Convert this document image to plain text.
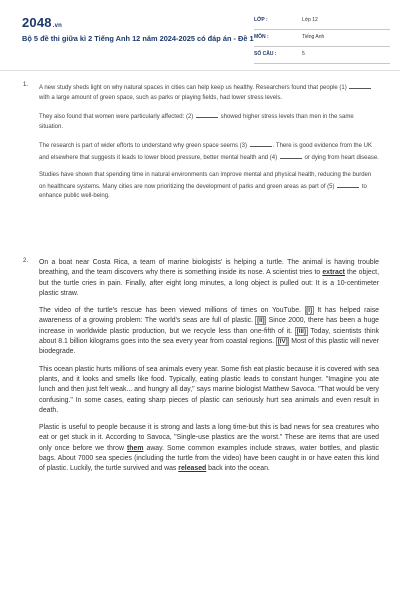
2048.vn
Bộ 5 đề thi giữa kì 2 Tiếng Anh 12 năm 2024-2025 có đáp án - Đề 1
LỚP :	Lớp 12
MÔN :	Tiếng Anh
SỐ CÂU :	5
1. A new study sheds light on why natural spaces in cities can help keep us healthy. Researchers found that people (1)  with a large amount of green space, such as parks or playing fields, had lower stress levels.

They also found that women were particularly affected: (2)	showed higher stress levels than men in the same situation.

The research is part of wider efforts to understand why green space seems (3)	. There is good evidence from the UK and elsewhere that suggests it leads to lower blood pressure, better mental health and (4)	or dying from heart disease.

Studies have shown that spending time in natural environments can improve mental and physical health, reducing the burden on healthcare systems. Many cities are now prioritizing the development of parks and green areas as part of (5)	to enhance public well-being.

2. On a boat near Costa Rica, a team of marine biologists' is helping a turtle. The animal is having trouble breathing, and the team discovers why there is something inside its nose. A scientist tries to extract the object, but the turtle cries in pain. Finally, after eight long minutes, a long object is pulled out: It is a 10-centimeter plastic straw.

The video of the turtle's rescue has been viewed millions of times on YouTube. [I] It has helped raise awareness of a growing problem: The world's seas are full of plastic. [II] Since 2000, there has been a huge increase in worldwide plastic production, but we recycle less than one-fifth of it. [III] Today, scientists think about 8.1 billion kilograms goes into the sea every year from coastal regions. [IV] Most of this plastic will never biodegrade.

This ocean plastic hurts millions of sea animals every year. Some fish eat plastic because it is covered with sea plants, and it looks and smells like food. Typically, eating plastic leads to constant hunger. "Imagine you ate lunch and then just felt weak... and hungry all day," says marine biologist Matthew Savoca. "That would be very confusing." In some cases, eating sharp pieces of plastic can seriously hurt sea animals and even result in death.

Plastic is useful to people because it is strong and lasts a long time-but this is bad news for sea creatures who eat or get stuck in it. According to Savoca, "Single-use plastics are the worst." These are items that are used only once before we throw them away. Some common examples include straws, water bottles, and plastic bags. About 7000 sea species (including the turtle from the video) have been caught in or have eaten this kind of plastic. Luckily, the turtle survived and was released back into the ocean.
